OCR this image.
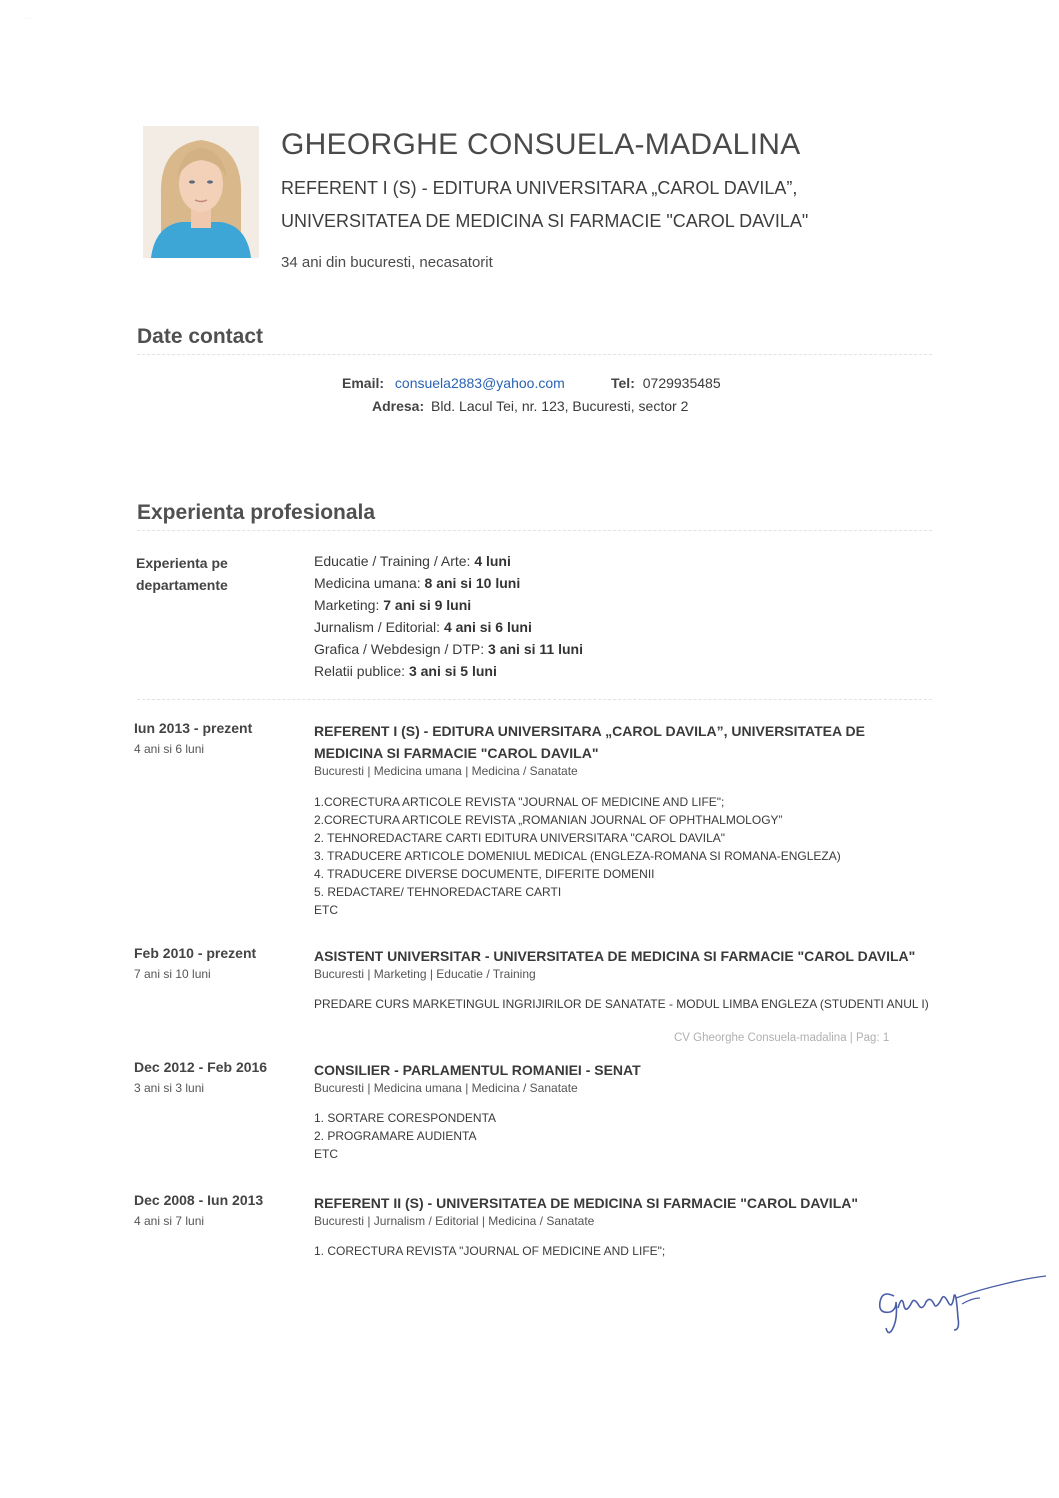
· ·
GHEORGHE CONSUELA-MADALINA
REFERENT I (S) - EDITURA UNIVERSITARA „CAROL DAVILA”,
UNIVERSITATEA DE MEDICINA SI FARMACIE "CAROL DAVILA"
34 ani din bucuresti, necasatorit
Date contact
Email: consuela2883@yahoo.com	Tel: 0729935485
Adresa: Bld. Lacul Tei, nr. 123, Bucuresti, sector 2
Experienta profesionala
Experienta pe
departamente
Educatie / Training / Arte: 4 luni
Medicina umana: 8 ani si 10 luni
Marketing: 7 ani si 9 luni
Jurnalism / Editorial: 4 ani si 6 luni
Grafica / Webdesign / DTP: 3 ani si 11 luni
Relatii publice: 3 ani si 5 luni
Iun 2013 - prezent
4 ani si 6 luni
REFERENT I (S) - EDITURA UNIVERSITARA „CAROL DAVILA”, UNIVERSITATEA DE MEDICINA SI FARMACIE "CAROL DAVILA"
Bucuresti | Medicina umana | Medicina / Sanatate
1.CORECTURA ARTICOLE REVISTA "JOURNAL OF MEDICINE AND LIFE";
2.CORECTURA ARTICOLE REVISTA „ROMANIAN JOURNAL OF OPHTHALMOLOGY”
2. TEHNOREDACTARE CARTI EDITURA UNIVERSITARA "CAROL DAVILA"
3. TRADUCERE ARTICOLE DOMENIUL MEDICAL (ENGLEZA-ROMANA SI ROMANA-ENGLEZA)
4. TRADUCERE DIVERSE DOCUMENTE, DIFERITE DOMENII
5. REDACTARE/ TEHNOREDACTARE CARTI
ETC
Feb 2010 - prezent
7 ani si 10 luni
ASISTENT UNIVERSITAR - UNIVERSITATEA DE MEDICINA SI FARMACIE "CAROL DAVILA"
Bucuresti | Marketing | Educatie / Training
PREDARE CURS MARKETINGUL INGRIJIRILOR DE SANATATE - MODUL LIMBA ENGLEZA (STUDENTI ANUL I)
Dec 2012 - Feb 2016
3 ani si 3 luni
CONSILIER - PARLAMENTUL ROMANIEI - SENAT
Bucuresti | Medicina umana | Medicina / Sanatate
1. SORTARE CORESPONDENTA
2. PROGRAMARE AUDIENTA
ETC
Dec 2008 - Iun 2013
4 ani si 7 luni
REFERENT II (S) - UNIVERSITATEA DE MEDICINA SI FARMACIE "CAROL DAVILA"
Bucuresti | Jurnalism / Editorial | Medicina / Sanatate
1. CORECTURA REVISTA "JOURNAL OF MEDICINE AND LIFE";
CV Gheorghe Consuela-madalina | Pag: 1
